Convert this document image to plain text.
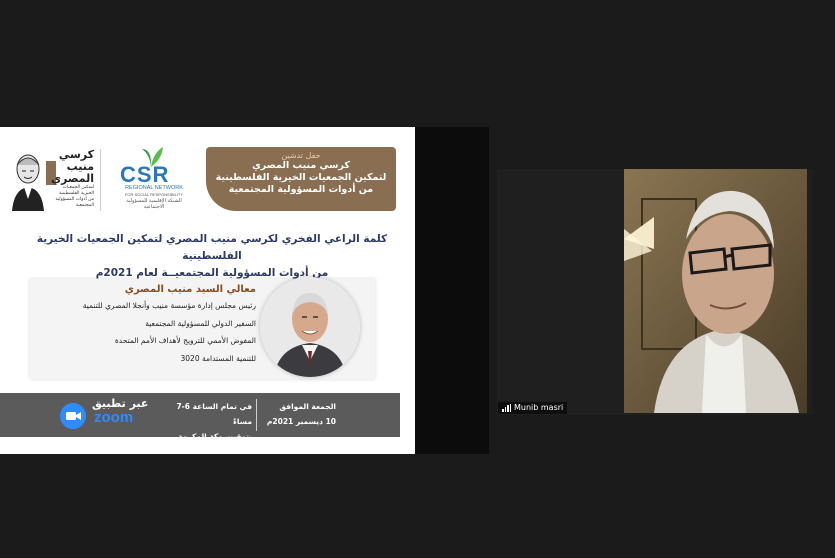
كرسي
منيب
المصري
لتمكين الجمعيات
الخيرية الفلسطينية
من أدوات المسؤولية
المجتمعية
CSR
REGIONAL NETWORK
FOR SOCIAL RESPONSIBILITY
الشبكة الإقليمية للمسؤولية الاجتماعية
حفل تدشين
كرسي منيب المصري
لتمكين الجمعيات الخيرية الفلسطينية
من أدوات المسؤولية المجتمعية
كلمة الراعي الفخري لكرسي منيب المصري لتمكين الجمعيات الخيرية الفلسطينية
من أدوات المسؤولية المجتمعيــة لعام 2021م
معالي السيد منيب المصري
رئيس مجلس إدارة مؤسسة منيب وأنجلا المصري للتنمية
السفير الدولي للمسؤولية المجتمعية
المفوض الأممي للترويج لأهداف الأمم المتحدة
للتنمية المستدامة 3020
عبر تطبيق
zoom
في تمام الساعة 6-7 مساءً
بتوقيت مكة المكرمة
الجمعة الموافق
10 ديسمبر 2021م
Munib masri
